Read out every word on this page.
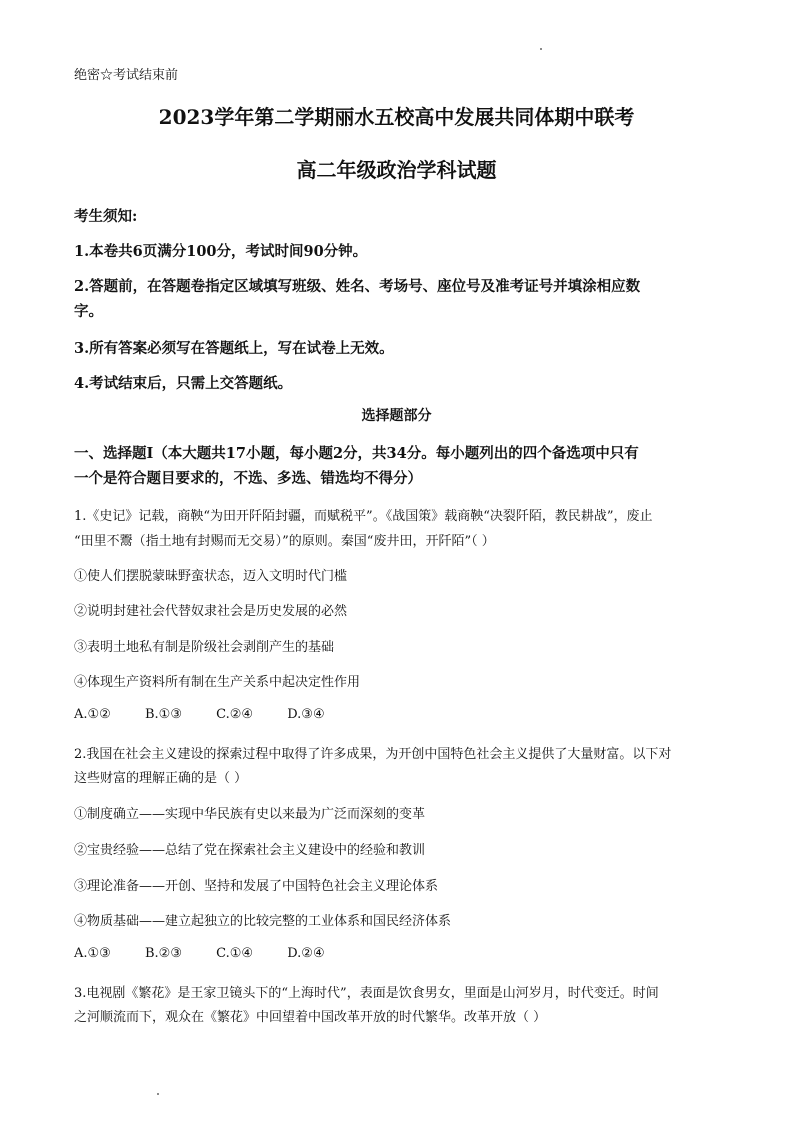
绝密☆考试结束前
2023学年第二学期丽水五校高中发展共同体期中联考
高二年级政治学科试题
考生须知:
1.本卷共6页满分100分，考试时间90分钟。
2.答题前，在答题卷指定区域填写班级、姓名、考场号、座位号及准考证号并填涂相应数
字。
3.所有答案必须写在答题纸上，写在试卷上无效。
4.考试结束后，只需上交答题纸。
选择题部分
一、选择题Ⅰ（本大题共17小题，每小题2分，共34分。每小题列出的四个备选项中只有
一个是符合题目要求的，不选、多选、错选均不得分）
1.《史记》记载，商鞅“为田开阡陌封疆，而赋税平”。《战国策》载商鞅“决裂阡陌，教民耕战”，废止
“田里不鬻（指土地有封赐而无交易）”的原则。秦国“废井田，开阡陌”（ ）
①使人们摆脱蒙昧野蛮状态，迈入文明时代门槛
②说明封建社会代替奴隶社会是历史发展的必然
③表明土地私有制是阶级社会剥削产生的基础
④体现生产资料所有制在生产关系中起决定性作用
A.①②	B.①③	C.②④	D.③④
2.我国在社会主义建设的探索过程中取得了许多成果，为开创中国特色社会主义提供了大量财富。以下对
这些财富的理解正确的是（ ）
①制度确立——实现中华民族有史以来最为广泛而深刻的变革
②宝贵经验——总结了党在探索社会主义建设中的经验和教训
③理论准备——开创、坚持和发展了中国特色社会主义理论体系
④物质基础——建立起独立的比较完整的工业体系和国民经济体系
A.①③	B.②③	C.①④	D.②④
3.电视剧《繁花》是王家卫镜头下的“上海时代”，表面是饮食男女，里面是山河岁月，时代变迁。时间
之河顺流而下，观众在《繁花》中回望着中国改革开放的时代繁华。改革开放（ ）
